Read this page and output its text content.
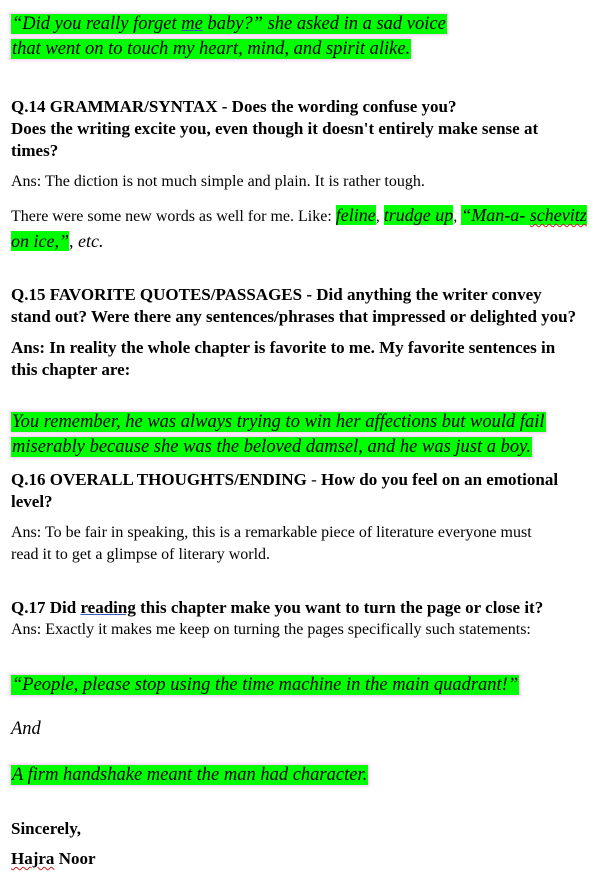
“Did you really forget me baby?” she asked in a sad voice
that went on to touch my heart, mind, and spirit alike.
Q.14 GRAMMAR/SYNTAX - Does the wording confuse you?
Does the writing excite you, even though it doesn't entirely make sense at
times?
Ans: The diction is not much simple and plain. It is rather tough.
There were some new words as well for me. Like: feline, trudge up, “Man-a- schevitz on ice,”, etc.
Q.15 FAVORITE QUOTES/PASSAGES - Did anything the writer convey
stand out? Were there any sentences/phrases that impressed or delighted you?
Ans: In reality the whole chapter is favorite to me. My favorite sentences in
this chapter are:
You remember, he was always trying to win her affections but would fail
miserably because she was the beloved damsel, and he was just a boy.
Q.16 OVERALL THOUGHTS/ENDING - How do you feel on an emotional
level?
Ans: To be fair in speaking, this is a remarkable piece of literature everyone must
read it to get a glimpse of literary world.
Q.17 Did reading this chapter make you want to turn the page or close it?
Ans: Exactly it makes me keep on turning the pages specifically such statements:
“People, please stop using the time machine in the main quadrant!”
And
A firm handshake meant the man had character.
Sincerely,
Hajra Noor
